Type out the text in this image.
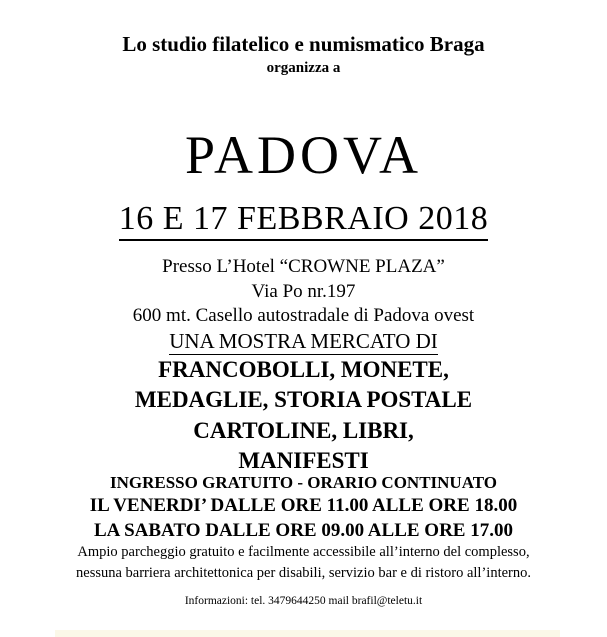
Lo studio filatelico e numismatico Braga
organizza a
PADOVA
16 E 17 FEBBRAIO 2018
Presso L’Hotel “CROWNE PLAZA”
Via Po nr.197
600 mt. Casello autostradale di Padova ovest
UNA MOSTRA MERCATO DI
FRANCOBOLLI, MONETE,
MEDAGLIE, STORIA POSTALE
CARTOLINE, LIBRI,
MANIFESTI
INGRESSO GRATUITO - ORARIO CONTINUATO
IL VENERDI’ DALLE ORE 11.00 ALLE ORE 18.00
LA SABATO DALLE ORE 09.00 ALLE ORE 17.00
Ampio parcheggio gratuito e facilmente accessibile all’interno del complesso,
nessuna barriera architettonica per disabili, servizio bar e di ristoro all’interno.
Informazioni: tel. 3479644250 mail brafil@teletu.it
